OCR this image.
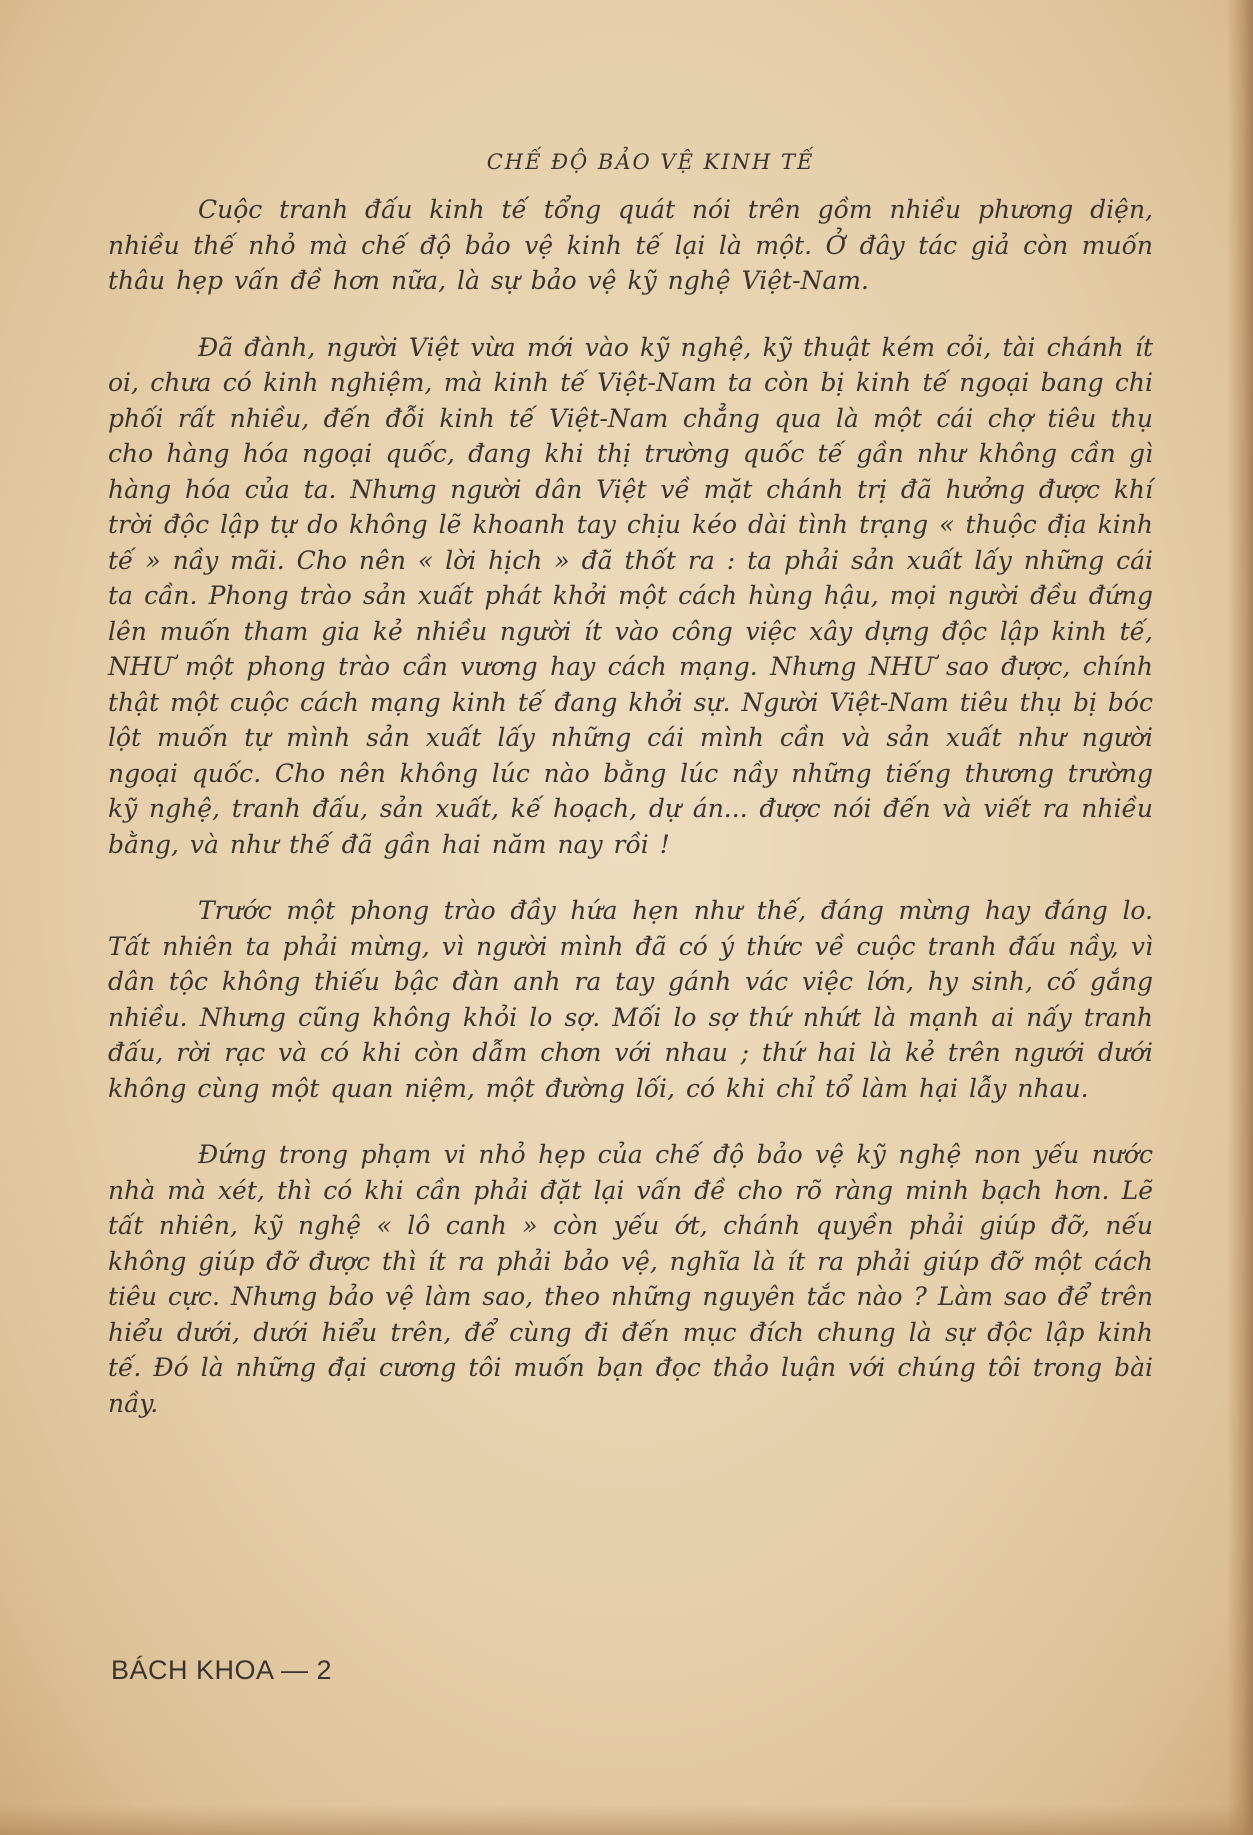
CHẾ ĐỘ BẢO VỆ KINH TẾ

Cuộc tranh đấu kinh tế tổng quát nói trên gồm nhiều phương diện, nhiều thế nhỏ mà chế độ bảo vệ kinh tế lại là một. Ở đây tác giả còn muốn thâu hẹp vấn đề hơn nữa, là sự bảo vệ kỹ nghệ Việt-Nam.

Đã đành, người Việt vừa mới vào kỹ nghệ, kỹ thuật kém cỏi, tài chánh ít oi, chưa có kinh nghiệm, mà kinh tế Việt-Nam ta còn bị kinh tế ngoại bang chi phối rất nhiều, đến đỗi kinh tế Việt-Nam chẳng qua là một cái chợ tiêu thụ cho hàng hóa ngoại quốc, đang khi thị trường quốc tế gần như không cần gì hàng hóa của ta. Nhưng người dân Việt về mặt chánh trị đã hưởng được khí trời độc lập tự do không lẽ khoanh tay chịu kéo dài tình trạng « thuộc địa kinh tế » nầy mãi. Cho nên « lời hịch » đã thốt ra : ta phải sản xuất lấy những cái ta cần. Phong trào sản xuất phát khởi một cách hùng hậu, mọi người đều đứng lên muốn tham gia kẻ nhiều người ít vào công việc xây dựng độc lập kinh tế, NHƯ một phong trào cần vương hay cách mạng. Nhưng NHƯ sao được, chính thật một cuộc cách mạng kinh tế đang khởi sự. Người Việt-Nam tiêu thụ bị bóc lột muốn tự mình sản xuất lấy những cái mình cần và sản xuất như người ngoại quốc. Cho nên không lúc nào bằng lúc nầy những tiếng thương trường kỹ nghệ, tranh đấu, sản xuất, kế hoạch, dự án... được nói đến và viết ra nhiều bằng, và như thế đã gần hai năm nay rồi !

Trước một phong trào đầy hứa hẹn như thế, đáng mừng hay đáng lo. Tất nhiên ta phải mừng, vì người mình đã có ý thức về cuộc tranh đấu nầy, vì dân tộc không thiếu bậc đàn anh ra tay gánh vác việc lớn, hy sinh, cố gắng nhiều. Nhưng cũng không khỏi lo sợ. Mối lo sợ thứ nhứt là mạnh ai nấy tranh đấu, rời rạc và có khi còn dẫm chơn với nhau ; thứ hai là kẻ trên ngưới dưới không cùng một quan niệm, một đường lối, có khi chỉ tổ làm hại lẫy nhau.

Đứng trong phạm vi nhỏ hẹp của chế độ bảo vệ kỹ nghệ non yếu nước nhà mà xét, thì có khi cần phải đặt lại vấn đề cho rõ ràng minh bạch hơn. Lẽ tất nhiên, kỹ nghệ « lô canh » còn yếu ớt, chánh quyền phải giúp đỡ, nếu không giúp đỡ được thì ít ra phải bảo vệ, nghĩa là ít ra phải giúp đỡ một cách tiêu cực. Nhưng bảo vệ làm sao, theo những nguyên tắc nào ? Làm sao để trên hiểu dưới, dưới hiểu trên, để cùng đi đến mục đích chung là sự độc lập kinh tế. Đó là những đại cương tôi muốn bạn đọc thảo luận với chúng tôi trong bài nầy.

BÁCH KHOA — 2
